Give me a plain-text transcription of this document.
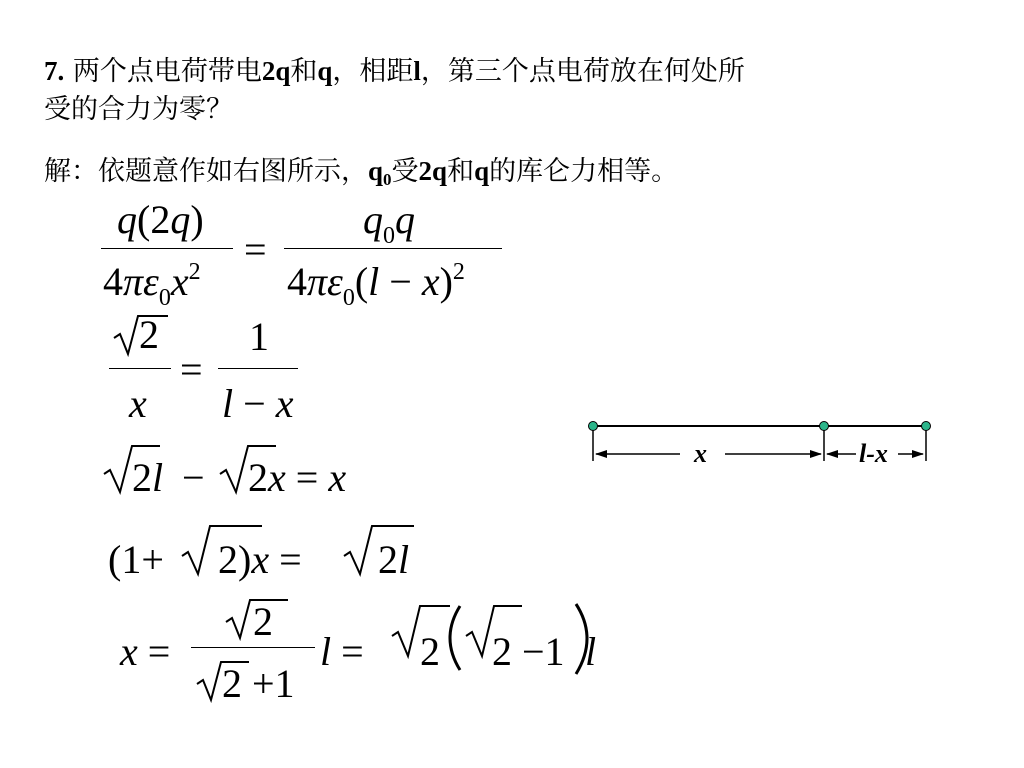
7. 两个点电荷带电2q和q，相距l，第三个点电荷放在何处所
受的合力为零？
解：依题意作如右图所示，$q_0$受2q和q的库仑力相等。
q(2q)
$4\pi\varepsilon_0x^2$ =
$q_0q$
$4\pi\varepsilon_0(l - x)^2$
2
x
=
1
l − x
2l − 2x = x
(1+ 2)x = 2l
x =
2
2 +1
l = 2 2 −1 l
x	l-x
